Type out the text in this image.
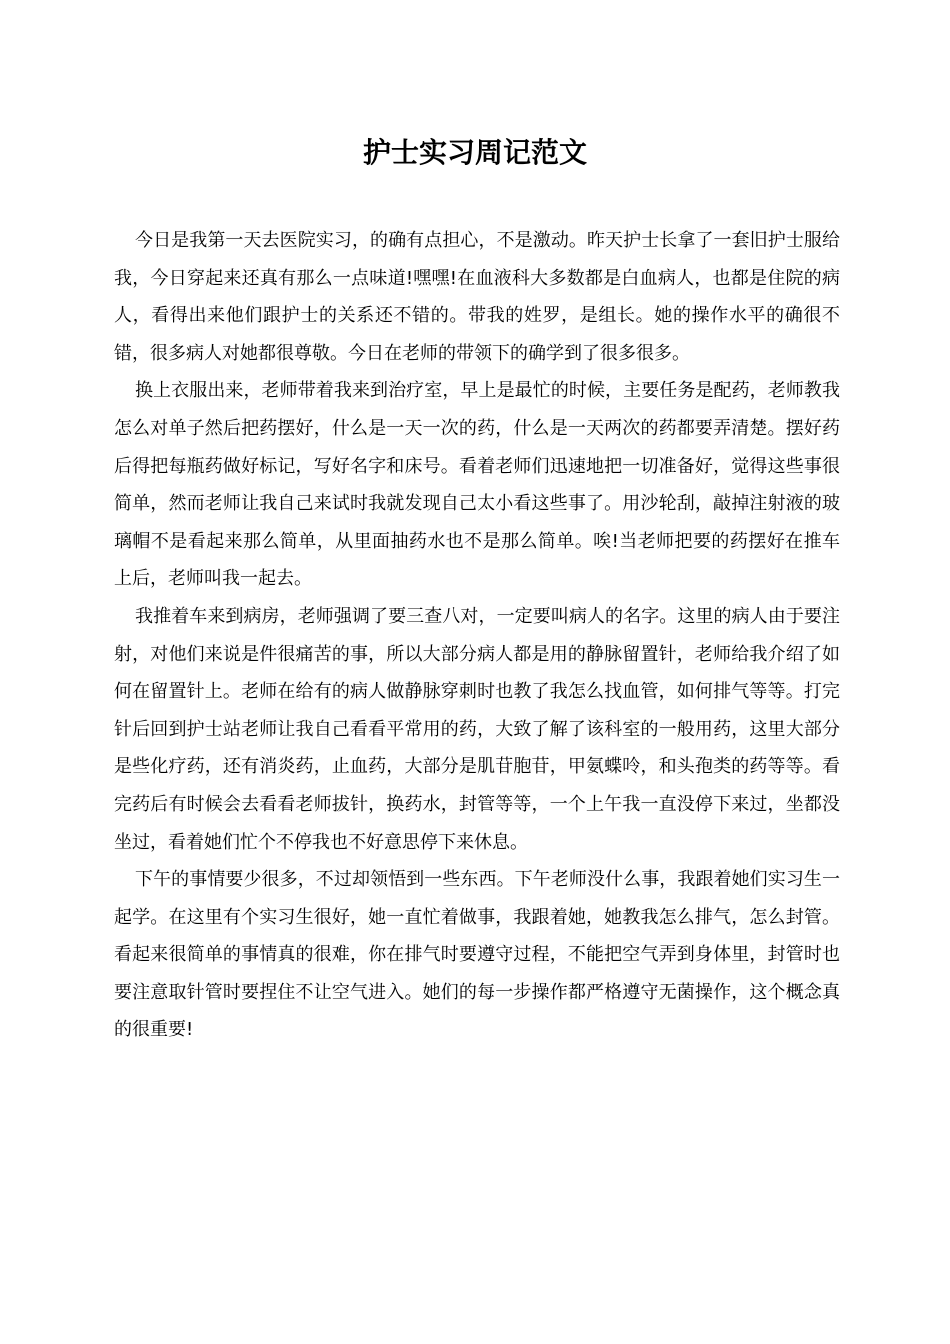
护士实习周记范文

今日是我第一天去医院实习，的确有点担心，不是激动。昨天护士长拿了一套旧护士服给我，今日穿起来还真有那么一点味道!嘿嘿!在血液科大多数都是白血病人，也都是住院的病人，看得出来他们跟护士的关系还不错的。带我的姓罗，是组长。她的操作水平的确很不错，很多病人对她都很尊敬。今日在老师的带领下的确学到了很多很多。

换上衣服出来，老师带着我来到治疗室，早上是最忙的时候，主要任务是配药，老师教我怎么对单子然后把药摆好，什么是一天一次的药，什么是一天两次的药都要弄清楚。摆好药后得把每瓶药做好标记，写好名字和床号。看着老师们迅速地把一切准备好，觉得这些事很简单，然而老师让我自己来试时我就发现自己太小看这些事了。用沙轮刮，敲掉注射液的玻璃帽不是看起来那么简单，从里面抽药水也不是那么简单。唉!当老师把要的药摆好在推车上后，老师叫我一起去。

我推着车来到病房，老师强调了要三查八对，一定要叫病人的名字。这里的病人由于要注射，对他们来说是件很痛苦的事，所以大部分病人都是用的静脉留置针，老师给我介绍了如何在留置针上。老师在给有的病人做静脉穿刺时也教了我怎么找血管，如何排气等等。打完针后回到护士站老师让我自己看看平常用的药，大致了解了该科室的一般用药，这里大部分是些化疗药，还有消炎药，止血药，大部分是肌苷胞苷，甲氨蝶呤，和头孢类的药等等。看完药后有时候会去看看老师拔针，换药水，封管等等，一个上午我一直没停下来过，坐都没坐过，看着她们忙个不停我也不好意思停下来休息。

下午的事情要少很多，不过却领悟到一些东西。下午老师没什么事，我跟着她们实习生一起学。在这里有个实习生很好，她一直忙着做事，我跟着她，她教我怎么排气，怎么封管。看起来很简单的事情真的很难，你在排气时要遵守过程，不能把空气弄到身体里，封管时也要注意取针管时要捏住不让空气进入。她们的每一步操作都严格遵守无菌操作，这个概念真的很重要!
